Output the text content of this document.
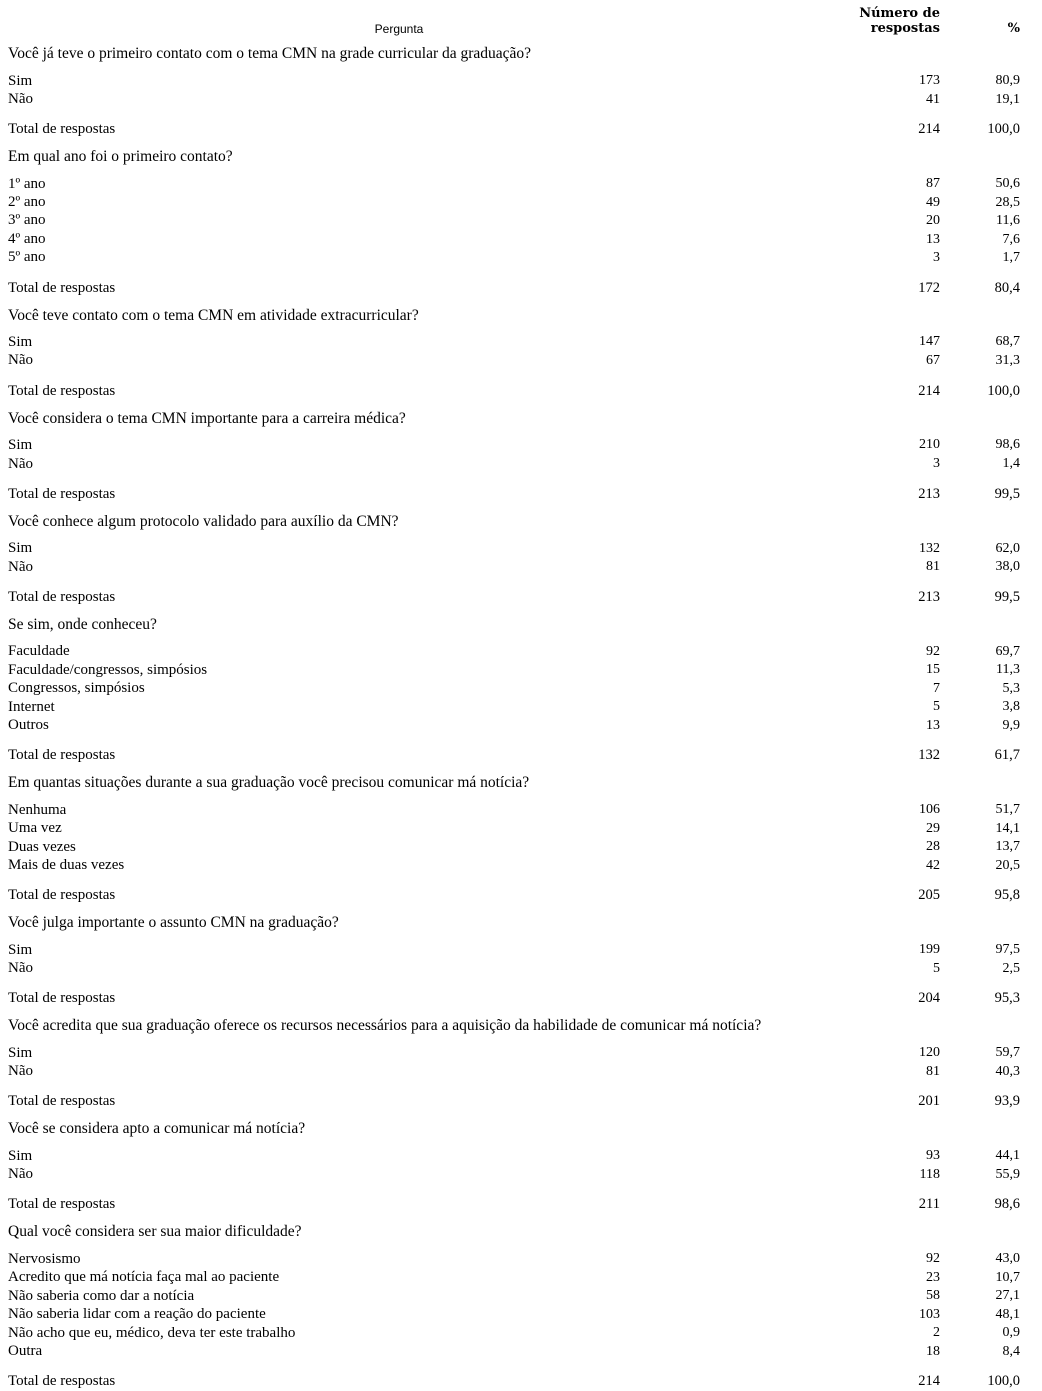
Pergunta	Número de respostas	%
Você já teve o primeiro contato com o tema CMN na grade curricular da graduação?		
Sim	173	80,9
Não	41	19,1
Total de respostas	214	100,0
Em qual ano foi o primeiro contato?		
1º ano	87	50,6
2º ano	49	28,5
3º ano	20	11,6
4º ano	13	7,6
5º ano	3	1,7
Total de respostas	172	80,4
Você teve contato com o tema CMN em atividade extracurricular?		
Sim	147	68,7
Não	67	31,3
Total de respostas	214	100,0
Você considera o tema CMN importante para a carreira médica?		
Sim	210	98,6
Não	3	1,4
Total de respostas	213	99,5
Você conhece algum protocolo validado para auxílio da CMN?		
Sim	132	62,0
Não	81	38,0
Total de respostas	213	99,5
Se sim, onde conheceu?		
Faculdade	92	69,7
Faculdade/congressos, simpósios	15	11,3
Congressos, simpósios	7	5,3
Internet	5	3,8
Outros	13	9,9
Total de respostas	132	61,7
Em quantas situações durante a sua graduação você precisou comunicar má notícia?		
Nenhuma	106	51,7
Uma vez	29	14,1
Duas vezes	28	13,7
Mais de duas vezes	42	20,5
Total de respostas	205	95,8
Você julga importante o assunto CMN na graduação?		
Sim	199	97,5
Não	5	2,5
Total de respostas	204	95,3
Você acredita que sua graduação oferece os recursos necessários para a aquisição da habilidade de comunicar má notícia?		
Sim	120	59,7
Não	81	40,3
Total de respostas	201	93,9
Você se considera apto a comunicar má notícia?		
Sim	93	44,1
Não	118	55,9
Total de respostas	211	98,6
Qual você considera ser sua maior dificuldade?		
Nervosismo	92	43,0
Acredito que má notícia faça mal ao paciente	23	10,7
Não saberia como dar a notícia	58	27,1
Não saberia lidar com a reação do paciente	103	48,1
Não acho que eu, médico, deva ter este trabalho	2	0,9
Outra	18	8,4
Total de respostas	214	100,0
